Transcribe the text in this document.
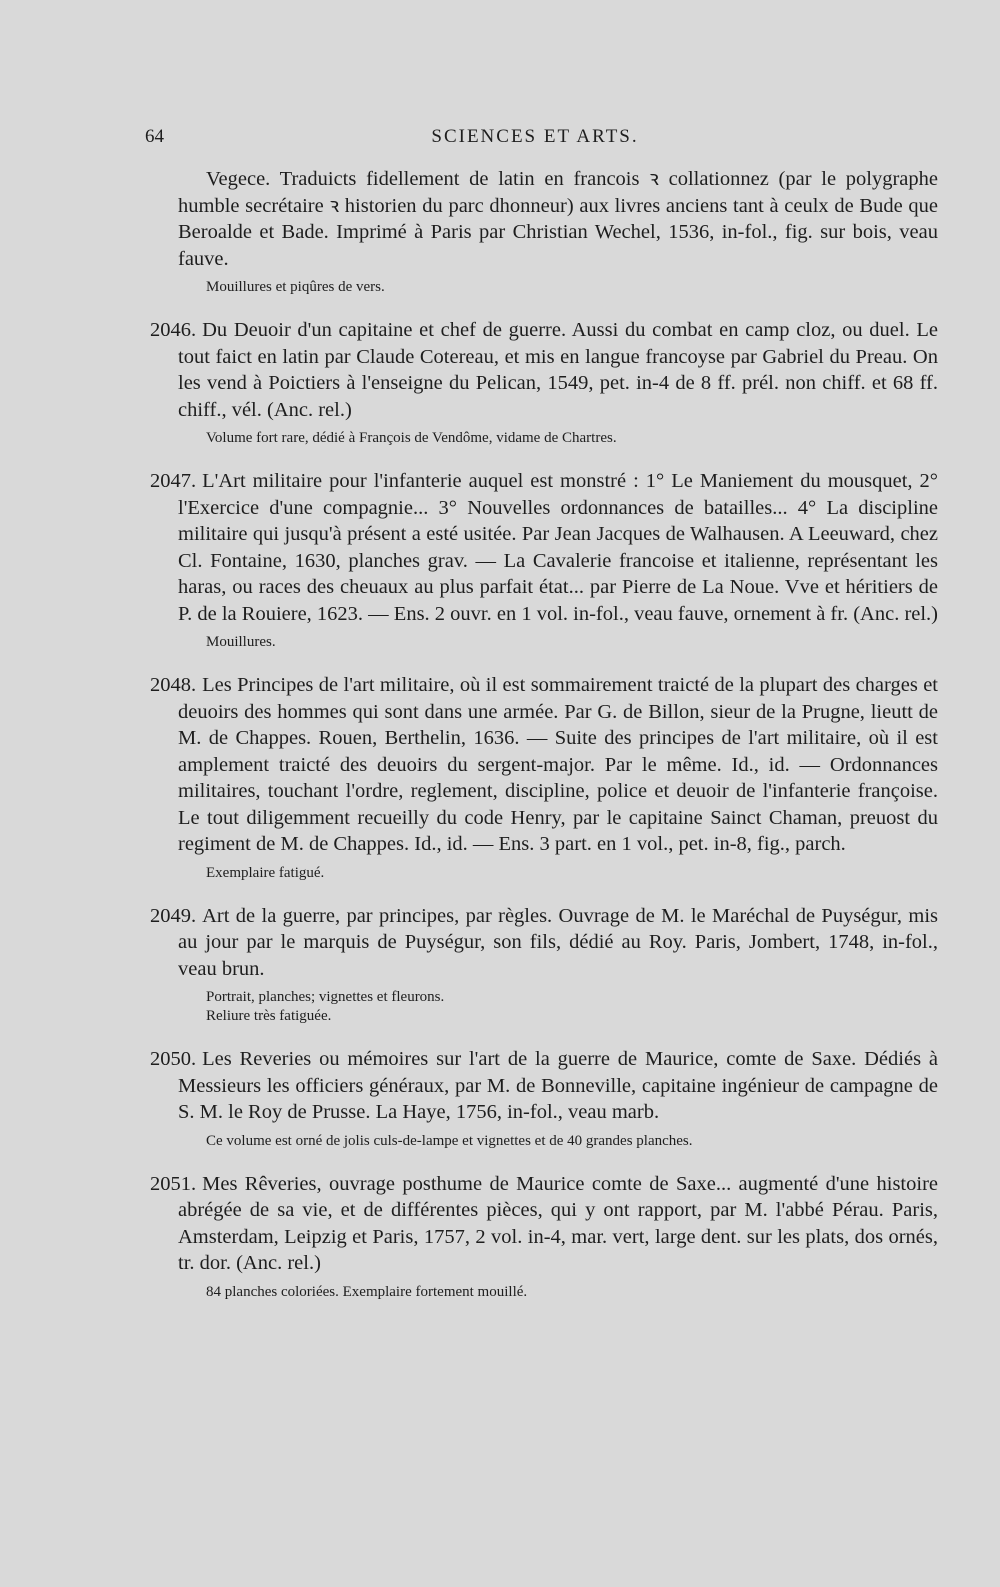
64	SCIENCES ET ARTS.

Vegece. Traduicts fidellement de latin en francois ꝛ collationnez (par le polygraphe humble secrétaire ꝛ historien du parc dhonneur) aux livres anciens tant à ceulx de Bude que Beroalde et Bade. Imprimé à Paris par Christian Wechel, 1536, in-fol., fig. sur bois, veau fauve.

Mouillures et piqûres de vers.

2046. Du Deuoir d'un capitaine et chef de guerre. Aussi du combat en camp cloz, ou duel. Le tout faict en latin par Claude Cotereau, et mis en langue francoyse par Gabriel du Preau. On les vend à Poictiers à l'enseigne du Pelican, 1549, pet. in-4 de 8 ff. prél. non chiff. et 68 ff. chiff., vél. (Anc. rel.)

Volume fort rare, dédié à François de Vendôme, vidame de Chartres.

2047. L'Art militaire pour l'infanterie auquel est monstré : 1° Le Maniement du mousquet, 2° l'Exercice d'une compagnie... 3° Nouvelles ordonnances de batailles... 4° La discipline militaire qui jusqu'à présent a esté usitée. Par Jean Jacques de Walhausen. A Leeuward, chez Cl. Fontaine, 1630, planches grav. — La Cavalerie francoise et italienne, représentant les haras, ou races des cheuaux au plus parfait état... par Pierre de La Noue. Vve et héritiers de P. de la Rouiere, 1623. — Ens. 2 ouvr. en 1 vol. in-fol., veau fauve, ornement à fr. (Anc. rel.)

Mouillures.

2048. Les Principes de l'art militaire, où il est sommairement traicté de la plupart des charges et deuoirs des hommes qui sont dans une armée. Par G. de Billon, sieur de la Prugne, lieutt de M. de Chappes. Rouen, Berthelin, 1636. — Suite des principes de l'art militaire, où il est amplement traicté des deuoirs du sergent-major. Par le même. Id., id. — Ordonnances militaires, touchant l'ordre, reglement, discipline, police et deuoir de l'infanterie françoise. Le tout diligemment recueilly du code Henry, par le capitaine Sainct Chaman, preuost du regiment de M. de Chappes. Id., id. — Ens. 3 part. en 1 vol., pet. in-8, fig., parch.

Exemplaire fatigué.

2049. Art de la guerre, par principes, par règles. Ouvrage de M. le Maréchal de Puységur, mis au jour par le marquis de Puységur, son fils, dédié au Roy. Paris, Jombert, 1748, in-fol., veau brun.

Portrait, planches; vignettes et fleurons.

Reliure très fatiguée.

2050. Les Reveries ou mémoires sur l'art de la guerre de Maurice, comte de Saxe. Dédiés à Messieurs les officiers généraux, par M. de Bonneville, capitaine ingénieur de campagne de S. M. le Roy de Prusse. La Haye, 1756, in-fol., veau marb.

Ce volume est orné de jolis culs-de-lampe et vignettes et de 40 grandes planches.

2051. Mes Rêveries, ouvrage posthume de Maurice comte de Saxe... augmenté d'une histoire abrégée de sa vie, et de différentes pièces, qui y ont rapport, par M. l'abbé Pérau. Paris, Amsterdam, Leipzig et Paris, 1757, 2 vol. in-4, mar. vert, large dent. sur les plats, dos ornés, tr. dor. (Anc. rel.)

84 planches coloriées. Exemplaire fortement mouillé.
